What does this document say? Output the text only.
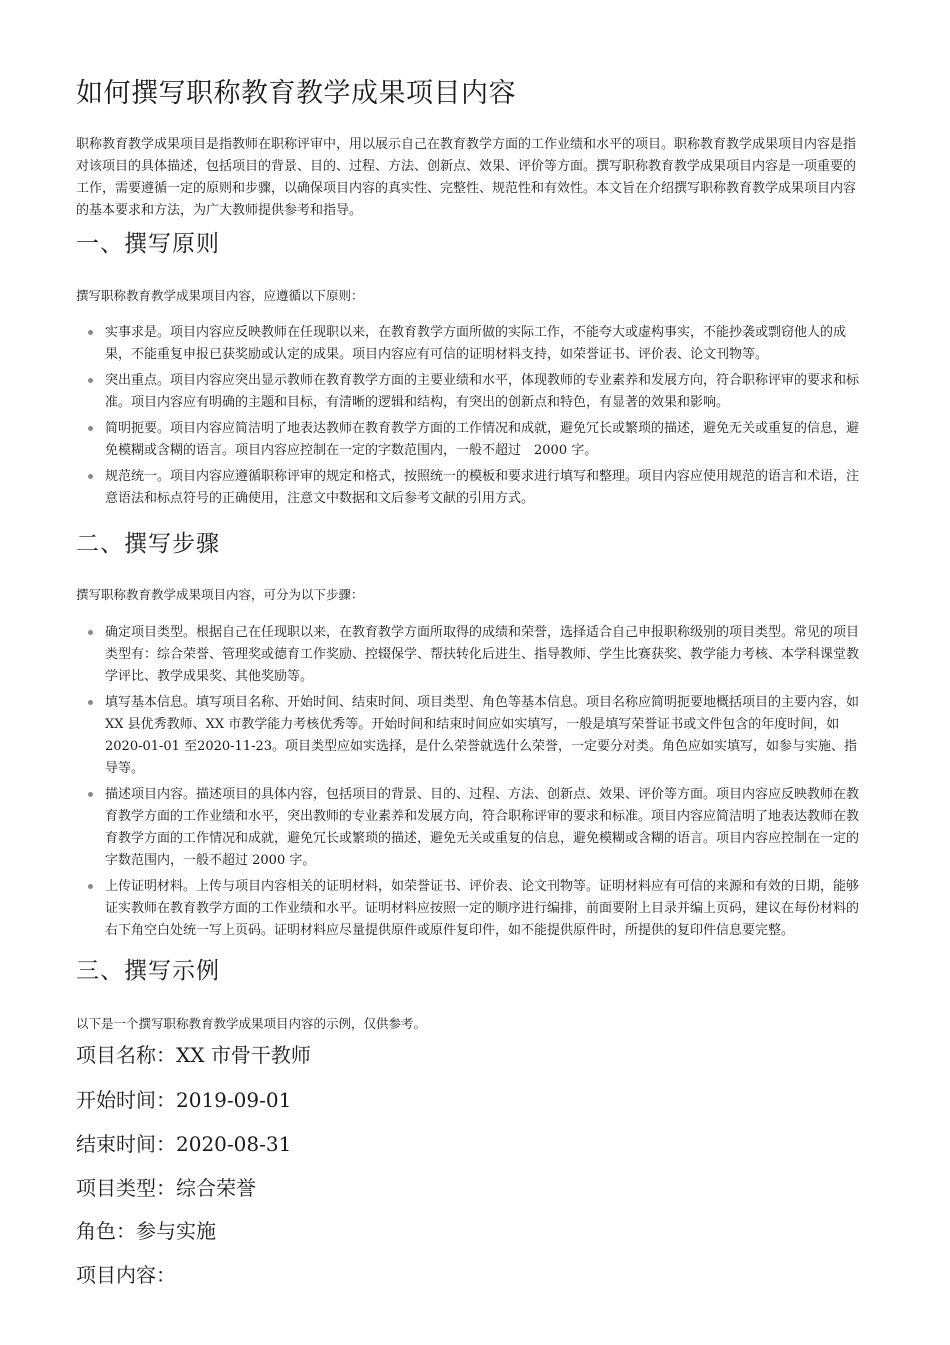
如何撰写职称教育教学成果项目内容

职称教育教学成果项目是指教师在职称评审中，用以展示自己在教育教学方面的工作业绩和水平的项目。职称教育教学成果项目内容是指对该项目的具体描述，包括项目的背景、目的、过程、方法、创新点、效果、评价等方面。撰写职称教育教学成果项目内容是一项重要的工作，需要遵循一定的原则和步骤，以确保项目内容的真实性、完整性、规范性和有效性。本文旨在介绍撰写职称教育教学成果项目内容的基本要求和方法，为广大教师提供参考和指导。

一、撰写原则

撰写职称教育教学成果项目内容，应遵循以下原则：

实事求是。项目内容应反映教师在任现职以来，在教育教学方面所做的实际工作，不能夸大或虚构事实，不能抄袭或剽窃他人的成果，不能重复申报已获奖励或认定的成果。项目内容应有可信的证明材料支持，如荣誉证书、评价表、论文刊物等。
突出重点。项目内容应突出显示教师在教育教学方面的主要业绩和水平，体现教师的专业素养和发展方向，符合职称评审的要求和标准。项目内容应有明确的主题和目标，有清晰的逻辑和结构，有突出的创新点和特色，有显著的效果和影响。
简明扼要。项目内容应简洁明了地表达教师在教育教学方面的工作情况和成就，避免冗长或繁琐的描述，避免无关或重复的信息，避免模糊或含糊的语言。项目内容应控制在一定的字数范围内，一般不超过　2000 字。
规范统一。项目内容应遵循职称评审的规定和格式，按照统一的模板和要求进行填写和整理。项目内容应使用规范的语言和术语，注意语法和标点符号的正确使用，注意文中数据和文后参考文献的引用方式。
二、撰写步骤

撰写职称教育教学成果项目内容，可分为以下步骤：

确定项目类型。根据自己在任现职以来，在教育教学方面所取得的成绩和荣誉，选择适合自己申报职称级别的项目类型。常见的项目类型有：综合荣誉、管理奖或德育工作奖励、控辍保学、帮扶转化后进生、指导教师、学生比赛获奖、教学能力考核、本学科课堂教学评比、教学成果奖、其他奖励等。
填写基本信息。填写项目名称、开始时间、结束时间、项目类型、角色等基本信息。项目名称应简明扼要地概括项目的主要内容，如XX 县优秀教师、XX 市教学能力考核优秀等。开始时间和结束时间应如实填写，一般是填写荣誉证书或文件包含的年度时间，如2020-01-01 至2020-11-23。项目类型应如实选择，是什么荣誉就选什么荣誉，一定要分对类。角色应如实填写，如参与实施、指导等。
描述项目内容。描述项目的具体内容，包括项目的背景、目的、过程、方法、创新点、效果、评价等方面。项目内容应反映教师在教育教学方面的工作业绩和水平，突出教师的专业素养和发展方向，符合职称评审的要求和标准。项目内容应简洁明了地表达教师在教育教学方面的工作情况和成就，避免冗长或繁琐的描述，避免无关或重复的信息，避免模糊或含糊的语言。项目内容应控制在一定的字数范围内，一般不超过 2000 字。
上传证明材料。上传与项目内容相关的证明材料，如荣誉证书、评价表、论文刊物等。证明材料应有可信的来源和有效的日期，能够证实教师在教育教学方面的工作业绩和水平。证明材料应按照一定的顺序进行编排，前面要附上目录并编上页码，建议在每份材料的右下角空白处统一写上页码。证明材料应尽量提供原件或原件复印件，如不能提供原件时，所提供的复印件信息要完整。
三、撰写示例

以下是一个撰写职称教育教学成果项目内容的示例，仅供参考。

项目名称：XX 市骨干教师

开始时间：2019-09-01

结束时间：2020-08-31

项目类型：综合荣誉

角色：参与实施

项目内容：
